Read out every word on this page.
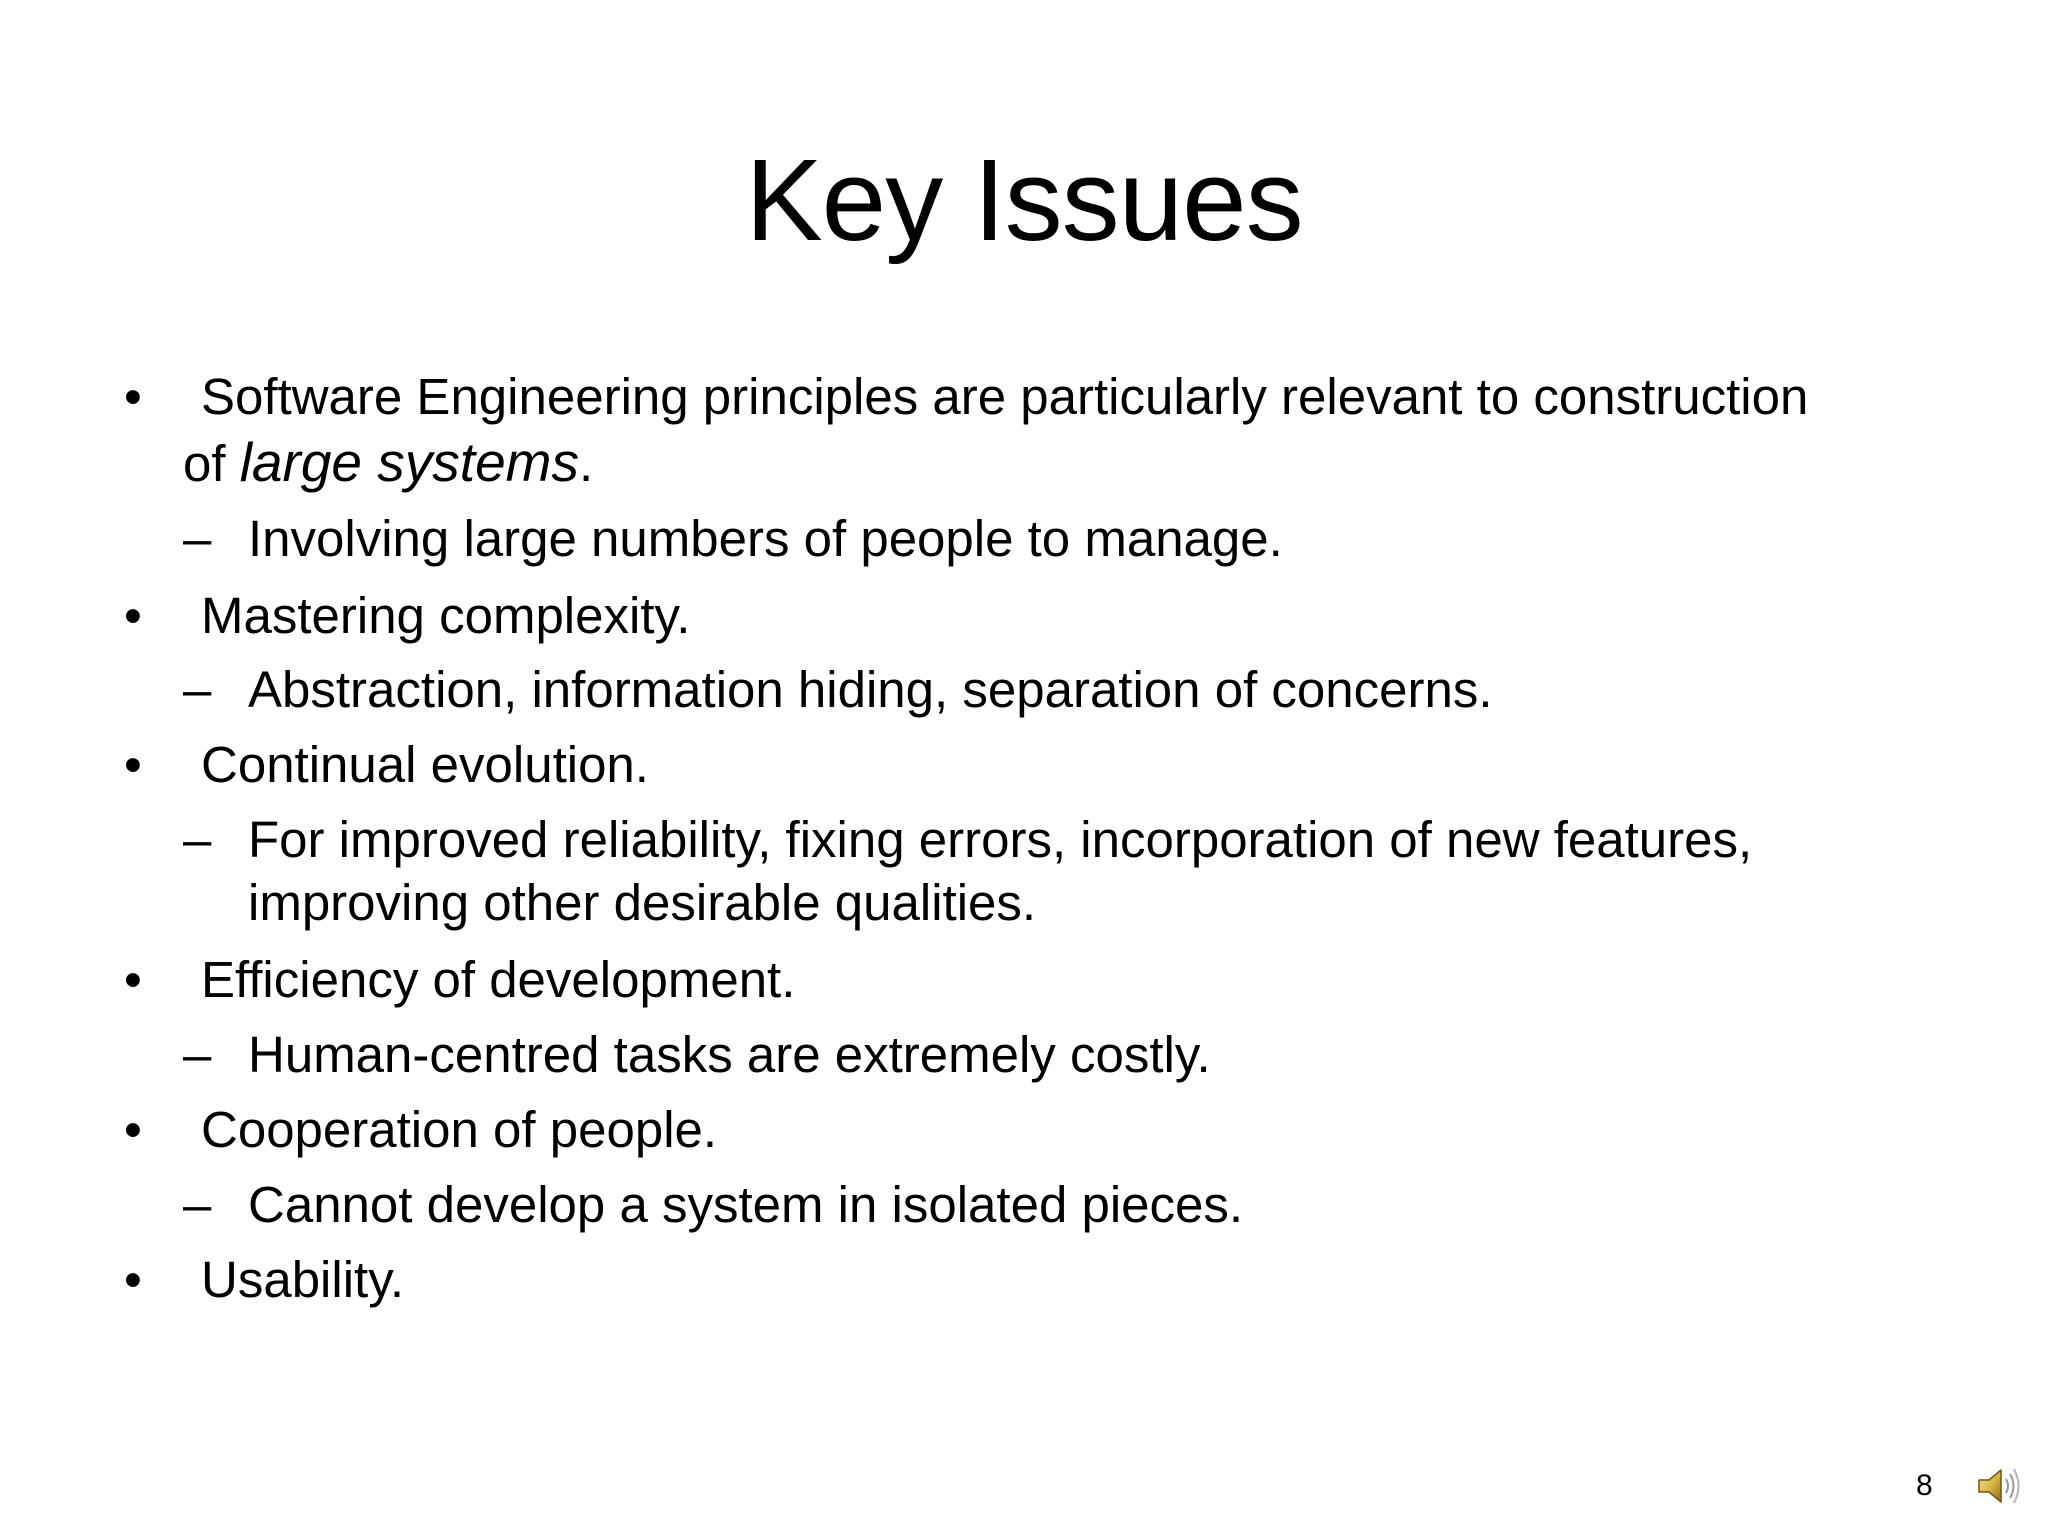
Key Issues
• Software Engineering principles are particularly relevant to construction
of large systems.
– Involving large numbers of people to manage.
• Mastering complexity.
– Abstraction, information hiding, separation of concerns.
• Continual evolution.
– For improved reliability, fixing errors, incorporation of new features,
improving other desirable qualities.
• Efficiency of development.
– Human-centred tasks are extremely costly.
• Cooperation of people.
– Cannot develop a system in isolated pieces.
• Usability.
8
